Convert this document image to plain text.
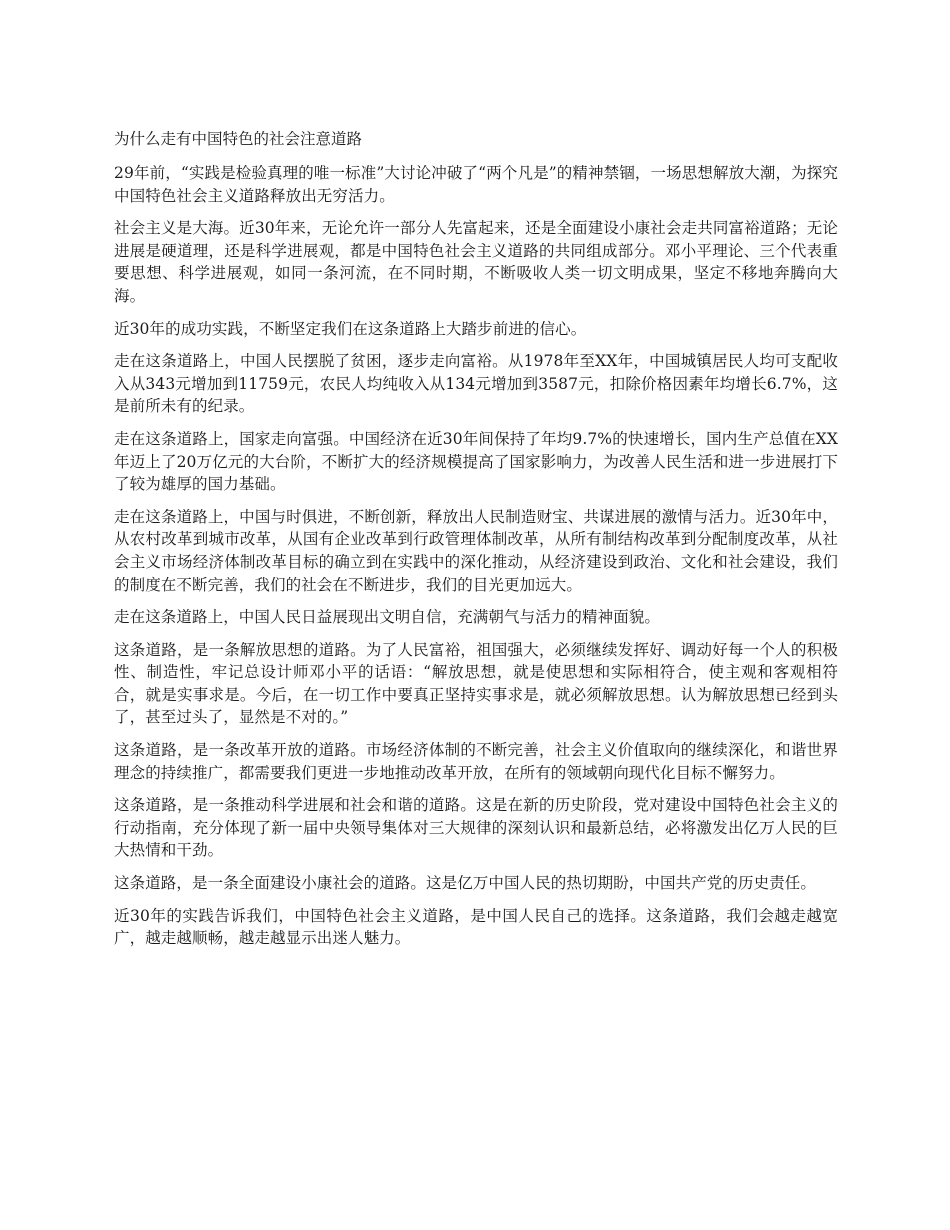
为什么走有中国特色的社会注意道路

29年前，“实践是检验真理的唯一标准”大讨论冲破了“两个凡是”的精神禁锢，一场思想解放大潮，为探究中国特色社会主义道路释放出无穷活力。

社会主义是大海。近30年来，无论允许一部分人先富起来，还是全面建设小康社会走共同富裕道路；无论进展是硬道理，还是科学进展观，都是中国特色社会主义道路的共同组成部分。邓小平理论、三个代表重要思想、科学进展观，如同一条河流，在不同时期，不断吸收人类一切文明成果，坚定不移地奔腾向大海。

近30年的成功实践，不断坚定我们在这条道路上大踏步前进的信心。

走在这条道路上，中国人民摆脱了贫困，逐步走向富裕。从1978年至XX年，中国城镇居民人均可支配收入从343元增加到11759元，农民人均纯收入从134元增加到3587元，扣除价格因素年均增长6.7%，这是前所未有的纪录。

走在这条道路上，国家走向富强。中国经济在近30年间保持了年均9.7%的快速增长，国内生产总值在XX年迈上了20万亿元的大台阶，不断扩大的经济规模提高了国家影响力，为改善人民生活和进一步进展打下了较为雄厚的国力基础。

走在这条道路上，中国与时俱进，不断创新，释放出人民制造财宝、共谋进展的激情与活力。近30年中，从农村改革到城市改革，从国有企业改革到行政管理体制改革，从所有制结构改革到分配制度改革，从社会主义市场经济体制改革目标的确立到在实践中的深化推动，从经济建设到政治、文化和社会建设，我们的制度在不断完善，我们的社会在不断进步，我们的目光更加远大。

走在这条道路上，中国人民日益展现出文明自信，充满朝气与活力的精神面貌。

这条道路，是一条解放思想的道路。为了人民富裕，祖国强大，必须继续发挥好、调动好每一个人的积极性、制造性，牢记总设计师邓小平的话语：“解放思想，就是使思想和实际相符合，使主观和客观相符合，就是实事求是。今后，在一切工作中要真正坚持实事求是，就必须解放思想。认为解放思想已经到头了，甚至过头了，显然是不对的。”

这条道路，是一条改革开放的道路。市场经济体制的不断完善，社会主义价值取向的继续深化，和谐世界理念的持续推广，都需要我们更进一步地推动改革开放，在所有的领域朝向现代化目标不懈努力。

这条道路，是一条推动科学进展和社会和谐的道路。这是在新的历史阶段，党对建设中国特色社会主义的行动指南，充分体现了新一届中央领导集体对三大规律的深刻认识和最新总结，必将激发出亿万人民的巨大热情和干劲。

这条道路，是一条全面建设小康社会的道路。这是亿万中国人民的热切期盼，中国共产党的历史责任。

近30年的实践告诉我们，中国特色社会主义道路，是中国人民自己的选择。这条道路，我们会越走越宽广，越走越顺畅，越走越显示出迷人魅力。
